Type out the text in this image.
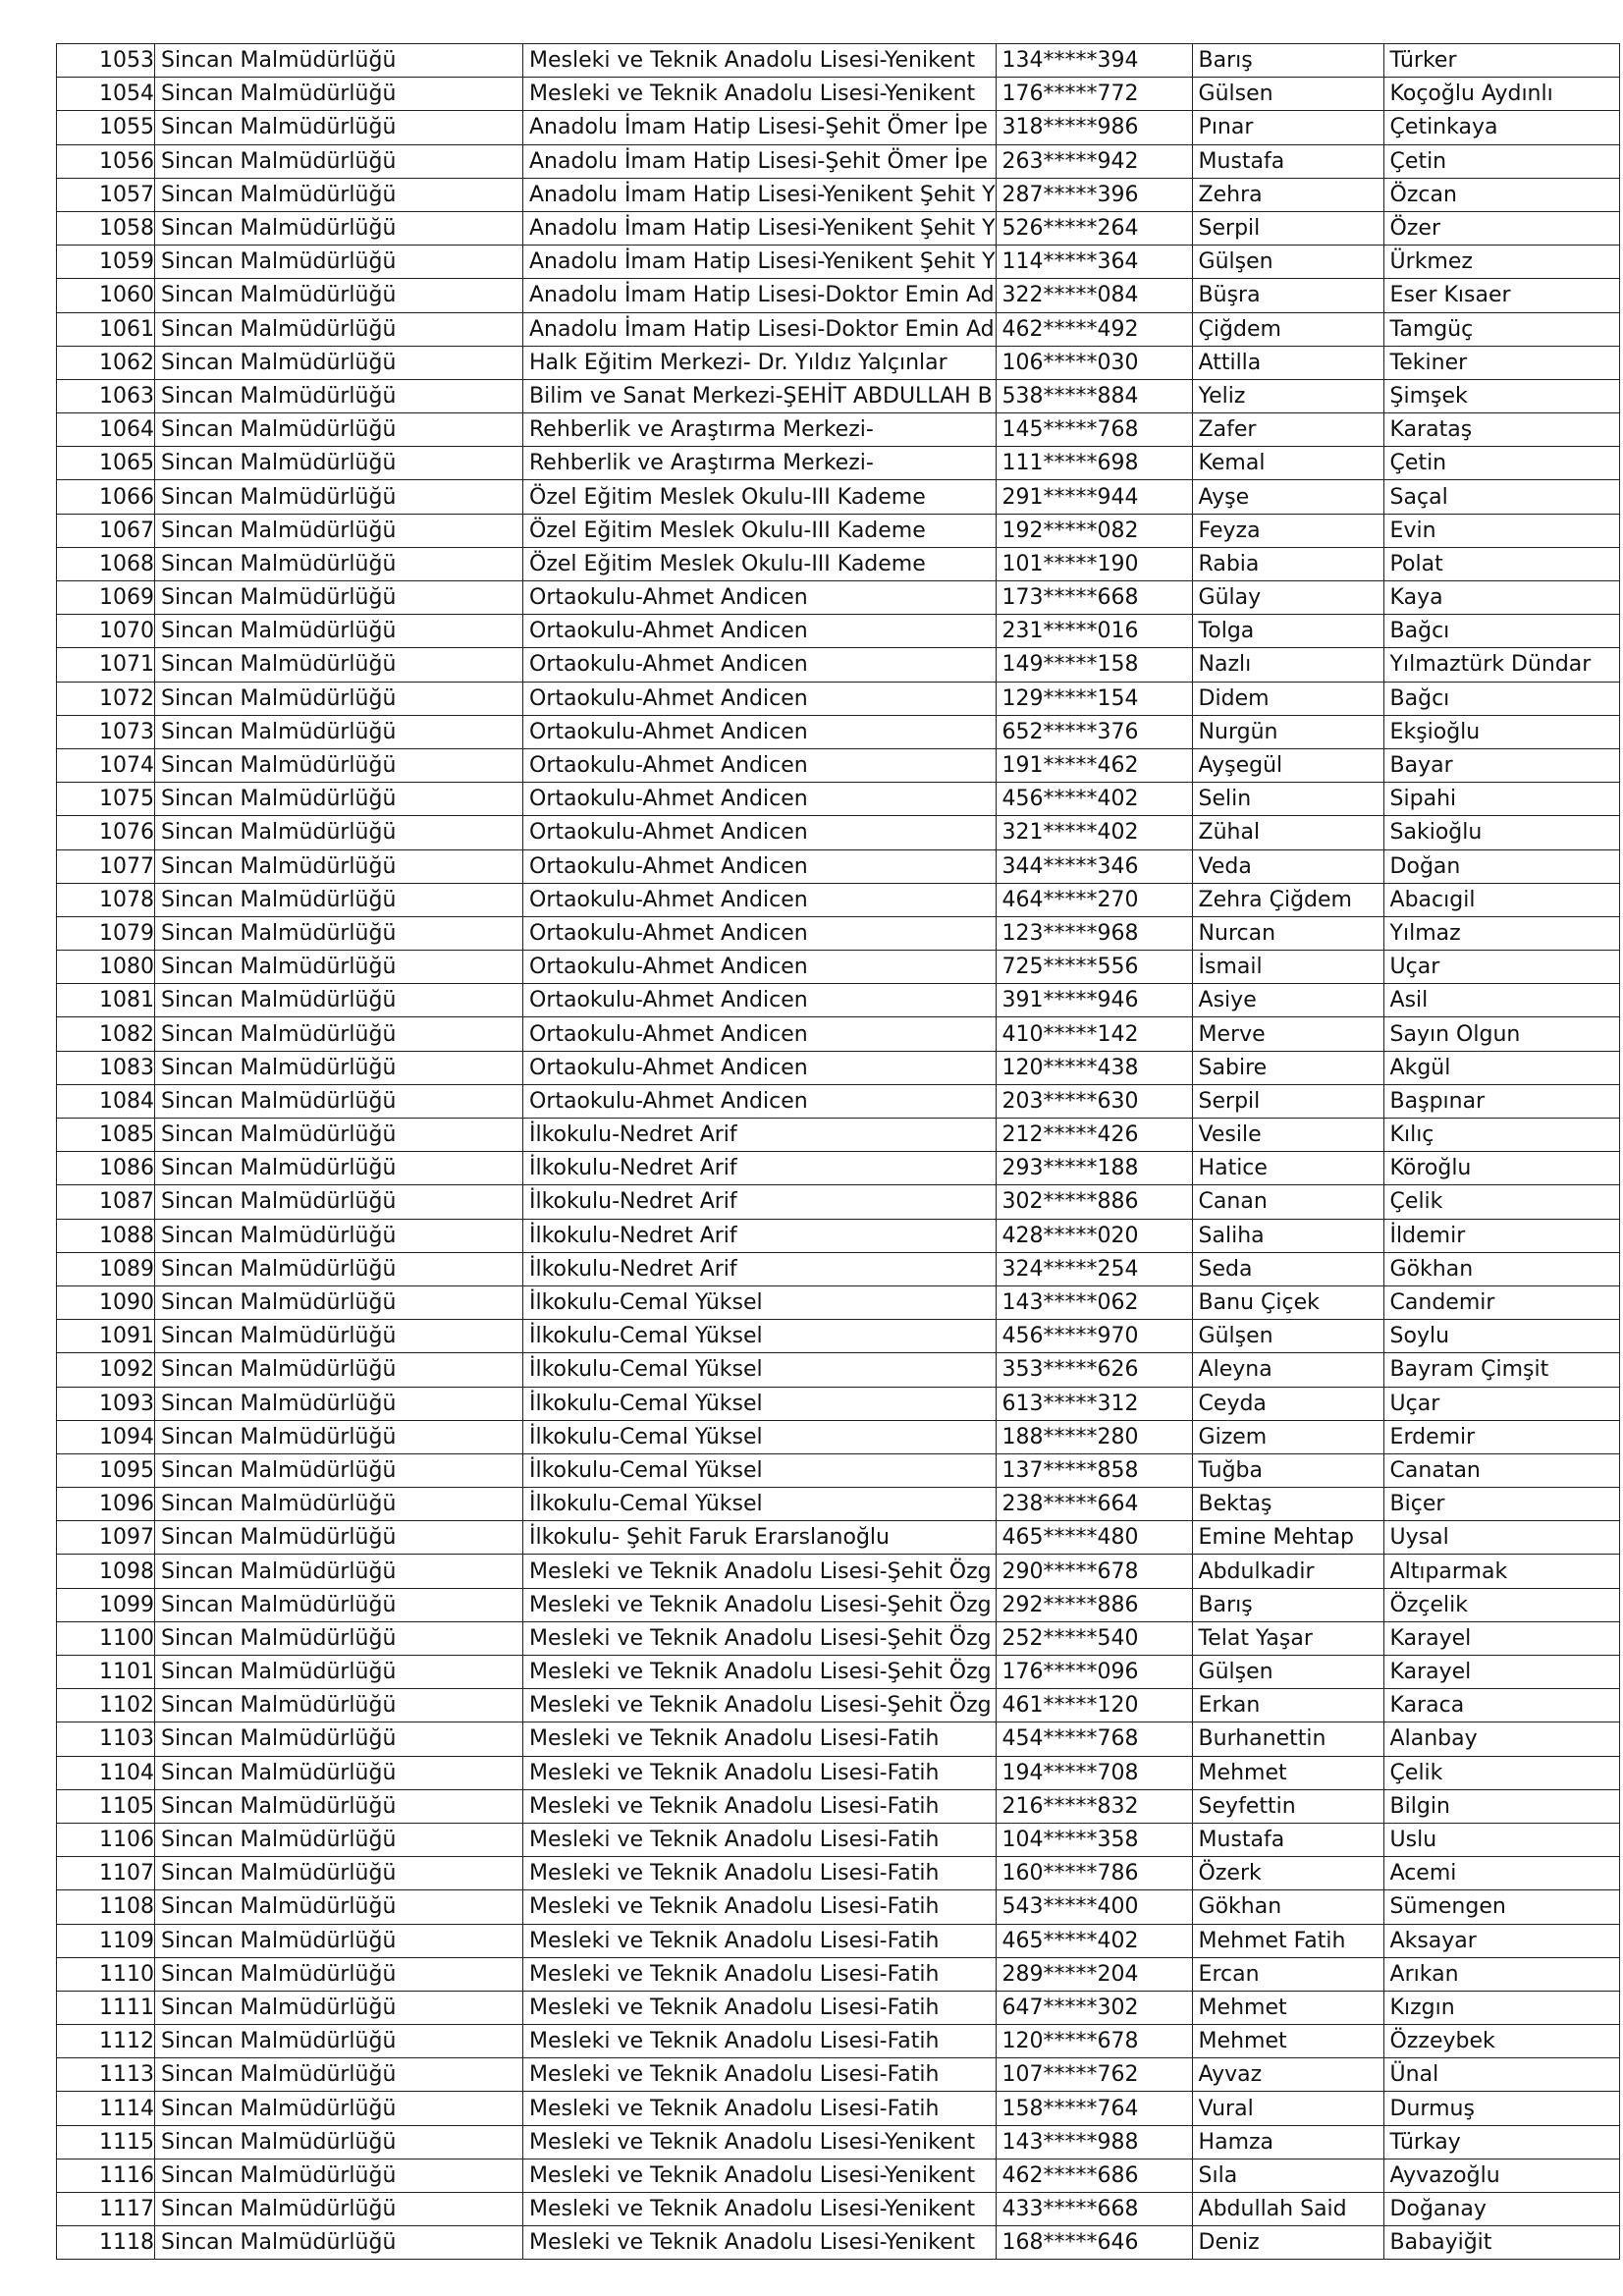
1053	Sincan Malmüdürlüğü	Mesleki ve Teknik Anadolu Lisesi-Yenikent	134*****394	Barış	Türker
1054	Sincan Malmüdürlüğü	Mesleki ve Teknik Anadolu Lisesi-Yenikent	176*****772	Gülsen	Koçoğlu Aydınlı
1055	Sincan Malmüdürlüğü	Anadolu İmam Hatip Lisesi-Şehit Ömer İpe	318*****986	Pınar	Çetinkaya
1056	Sincan Malmüdürlüğü	Anadolu İmam Hatip Lisesi-Şehit Ömer İpe	263*****942	Mustafa	Çetin
1057	Sincan Malmüdürlüğü	Anadolu İmam Hatip Lisesi-Yenikent Şehit Y	287*****396	Zehra	Özcan
1058	Sincan Malmüdürlüğü	Anadolu İmam Hatip Lisesi-Yenikent Şehit Y	526*****264	Serpil	Özer
1059	Sincan Malmüdürlüğü	Anadolu İmam Hatip Lisesi-Yenikent Şehit Y	114*****364	Gülşen	Ürkmez
1060	Sincan Malmüdürlüğü	Anadolu İmam Hatip Lisesi-Doktor Emin Ad	322*****084	Büşra	Eser Kısaer
1061	Sincan Malmüdürlüğü	Anadolu İmam Hatip Lisesi-Doktor Emin Ad	462*****492	Çiğdem	Tamgüç
1062	Sincan Malmüdürlüğü	Halk Eğitim Merkezi- Dr. Yıldız Yalçınlar	106*****030	Attilla	Tekiner
1063	Sincan Malmüdürlüğü	Bilim ve Sanat Merkezi-ŞEHİT ABDULLAH B	538*****884	Yeliz	Şimşek
1064	Sincan Malmüdürlüğü	Rehberlik ve Araştırma Merkezi-	145*****768	Zafer	Karataş
1065	Sincan Malmüdürlüğü	Rehberlik ve Araştırma Merkezi-	111*****698	Kemal	Çetin
1066	Sincan Malmüdürlüğü	Özel Eğitim Meslek Okulu-III Kademe	291*****944	Ayşe	Saçal
1067	Sincan Malmüdürlüğü	Özel Eğitim Meslek Okulu-III Kademe	192*****082	Feyza	Evin
1068	Sincan Malmüdürlüğü	Özel Eğitim Meslek Okulu-III Kademe	101*****190	Rabia	Polat
1069	Sincan Malmüdürlüğü	Ortaokulu-Ahmet Andicen	173*****668	Gülay	Kaya
1070	Sincan Malmüdürlüğü	Ortaokulu-Ahmet Andicen	231*****016	Tolga	Bağcı
1071	Sincan Malmüdürlüğü	Ortaokulu-Ahmet Andicen	149*****158	Nazlı	Yılmaztürk Dündar
1072	Sincan Malmüdürlüğü	Ortaokulu-Ahmet Andicen	129*****154	Didem	Bağcı
1073	Sincan Malmüdürlüğü	Ortaokulu-Ahmet Andicen	652*****376	Nurgün	Ekşioğlu
1074	Sincan Malmüdürlüğü	Ortaokulu-Ahmet Andicen	191*****462	Ayşegül	Bayar
1075	Sincan Malmüdürlüğü	Ortaokulu-Ahmet Andicen	456*****402	Selin	Sipahi
1076	Sincan Malmüdürlüğü	Ortaokulu-Ahmet Andicen	321*****402	Zühal	Sakioğlu
1077	Sincan Malmüdürlüğü	Ortaokulu-Ahmet Andicen	344*****346	Veda	Doğan
1078	Sincan Malmüdürlüğü	Ortaokulu-Ahmet Andicen	464*****270	Zehra Çiğdem	Abacıgil
1079	Sincan Malmüdürlüğü	Ortaokulu-Ahmet Andicen	123*****968	Nurcan	Yılmaz
1080	Sincan Malmüdürlüğü	Ortaokulu-Ahmet Andicen	725*****556	İsmail	Uçar
1081	Sincan Malmüdürlüğü	Ortaokulu-Ahmet Andicen	391*****946	Asiye	Asil
1082	Sincan Malmüdürlüğü	Ortaokulu-Ahmet Andicen	410*****142	Merve	Sayın Olgun
1083	Sincan Malmüdürlüğü	Ortaokulu-Ahmet Andicen	120*****438	Sabire	Akgül
1084	Sincan Malmüdürlüğü	Ortaokulu-Ahmet Andicen	203*****630	Serpil	Başpınar
1085	Sincan Malmüdürlüğü	İlkokulu-Nedret Arif	212*****426	Vesile	Kılıç
1086	Sincan Malmüdürlüğü	İlkokulu-Nedret Arif	293*****188	Hatice	Köroğlu
1087	Sincan Malmüdürlüğü	İlkokulu-Nedret Arif	302*****886	Canan	Çelik
1088	Sincan Malmüdürlüğü	İlkokulu-Nedret Arif	428*****020	Saliha	İldemir
1089	Sincan Malmüdürlüğü	İlkokulu-Nedret Arif	324*****254	Seda	Gökhan
1090	Sincan Malmüdürlüğü	İlkokulu-Cemal Yüksel	143*****062	Banu Çiçek	Candemir
1091	Sincan Malmüdürlüğü	İlkokulu-Cemal Yüksel	456*****970	Gülşen	Soylu
1092	Sincan Malmüdürlüğü	İlkokulu-Cemal Yüksel	353*****626	Aleyna	Bayram Çimşit
1093	Sincan Malmüdürlüğü	İlkokulu-Cemal Yüksel	613*****312	Ceyda	Uçar
1094	Sincan Malmüdürlüğü	İlkokulu-Cemal Yüksel	188*****280	Gizem	Erdemir
1095	Sincan Malmüdürlüğü	İlkokulu-Cemal Yüksel	137*****858	Tuğba	Canatan
1096	Sincan Malmüdürlüğü	İlkokulu-Cemal Yüksel	238*****664	Bektaş	Biçer
1097	Sincan Malmüdürlüğü	İlkokulu- Şehit Faruk Erarslanoğlu	465*****480	Emine Mehtap	Uysal
1098	Sincan Malmüdürlüğü	Mesleki ve Teknik Anadolu Lisesi-Şehit Özg	290*****678	Abdulkadir	Altıparmak
1099	Sincan Malmüdürlüğü	Mesleki ve Teknik Anadolu Lisesi-Şehit Özg	292*****886	Barış	Özçelik
1100	Sincan Malmüdürlüğü	Mesleki ve Teknik Anadolu Lisesi-Şehit Özg	252*****540	Telat Yaşar	Karayel
1101	Sincan Malmüdürlüğü	Mesleki ve Teknik Anadolu Lisesi-Şehit Özg	176*****096	Gülşen	Karayel
1102	Sincan Malmüdürlüğü	Mesleki ve Teknik Anadolu Lisesi-Şehit Özg	461*****120	Erkan	Karaca
1103	Sincan Malmüdürlüğü	Mesleki ve Teknik Anadolu Lisesi-Fatih	454*****768	Burhanettin	Alanbay
1104	Sincan Malmüdürlüğü	Mesleki ve Teknik Anadolu Lisesi-Fatih	194*****708	Mehmet	Çelik
1105	Sincan Malmüdürlüğü	Mesleki ve Teknik Anadolu Lisesi-Fatih	216*****832	Seyfettin	Bilgin
1106	Sincan Malmüdürlüğü	Mesleki ve Teknik Anadolu Lisesi-Fatih	104*****358	Mustafa	Uslu
1107	Sincan Malmüdürlüğü	Mesleki ve Teknik Anadolu Lisesi-Fatih	160*****786	Özerk	Acemi
1108	Sincan Malmüdürlüğü	Mesleki ve Teknik Anadolu Lisesi-Fatih	543*****400	Gökhan	Sümengen
1109	Sincan Malmüdürlüğü	Mesleki ve Teknik Anadolu Lisesi-Fatih	465*****402	Mehmet Fatih	Aksayar
1110	Sincan Malmüdürlüğü	Mesleki ve Teknik Anadolu Lisesi-Fatih	289*****204	Ercan	Arıkan
1111	Sincan Malmüdürlüğü	Mesleki ve Teknik Anadolu Lisesi-Fatih	647*****302	Mehmet	Kızgın
1112	Sincan Malmüdürlüğü	Mesleki ve Teknik Anadolu Lisesi-Fatih	120*****678	Mehmet	Özzeybek
1113	Sincan Malmüdürlüğü	Mesleki ve Teknik Anadolu Lisesi-Fatih	107*****762	Ayvaz	Ünal
1114	Sincan Malmüdürlüğü	Mesleki ve Teknik Anadolu Lisesi-Fatih	158*****764	Vural	Durmuş
1115	Sincan Malmüdürlüğü	Mesleki ve Teknik Anadolu Lisesi-Yenikent	143*****988	Hamza	Türkay
1116	Sincan Malmüdürlüğü	Mesleki ve Teknik Anadolu Lisesi-Yenikent	462*****686	Sıla	Ayvazoğlu
1117	Sincan Malmüdürlüğü	Mesleki ve Teknik Anadolu Lisesi-Yenikent	433*****668	Abdullah Said	Doğanay
1118	Sincan Malmüdürlüğü	Mesleki ve Teknik Anadolu Lisesi-Yenikent	168*****646	Deniz	Babayiğit
